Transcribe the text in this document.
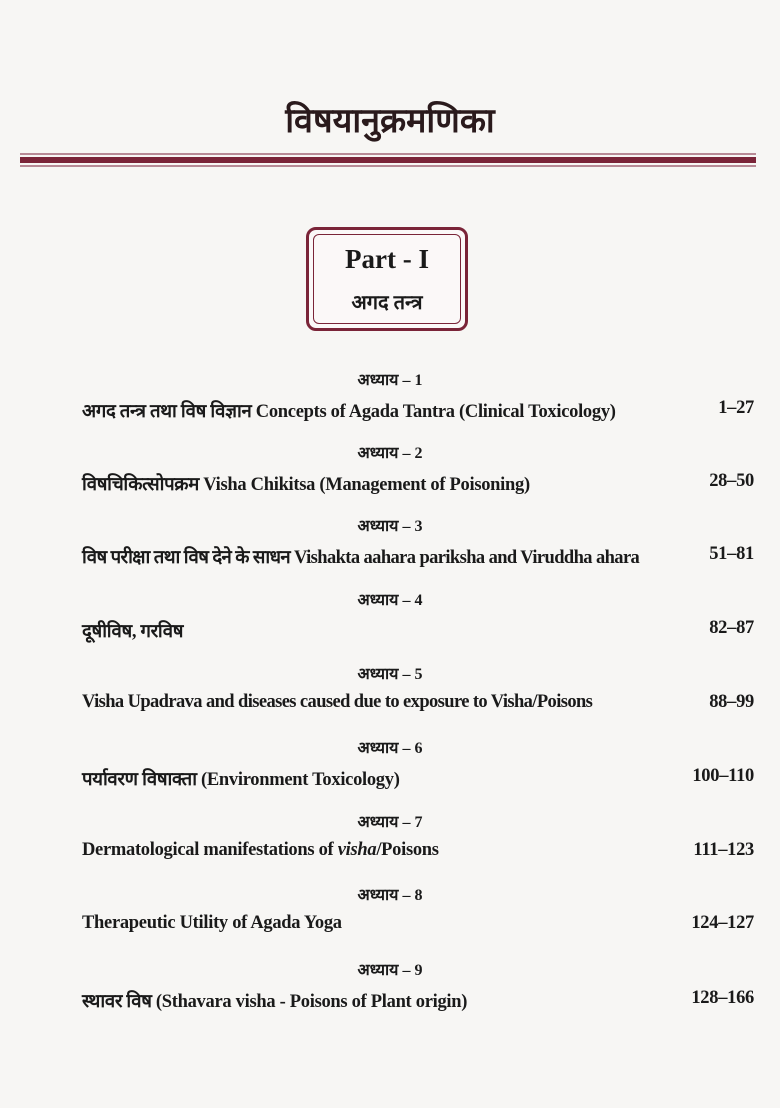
विषयानुक्रमणिका
Part - I
अगद तन्त्र
अध्याय – 1
अगद तन्त्र तथा विष विज्ञान Concepts of Agada Tantra (Clinical Toxicology)	1–27
अध्याय – 2
विषचिकित्सोपक्रम Visha Chikitsa (Management of Poisoning)	28–50
अध्याय – 3
विष परीक्षा तथा विष देने के साधन Vishakta aahara pariksha and Viruddha ahara	51–81
अध्याय – 4
दूषीविष, गरविष	82–87
अध्याय – 5
Visha Upadrava and diseases caused due to exposure to Visha/Poisons	88–99
अध्याय – 6
पर्यावरण विषाक्ता (Environment Toxicology)	100–110
अध्याय – 7
Dermatological manifestations of visha/Poisons	111–123
अध्याय – 8
Therapeutic Utility of Agada Yoga	124–127
अध्याय – 9
स्थावर विष (Sthavara visha - Poisons of Plant origin)	128–166
